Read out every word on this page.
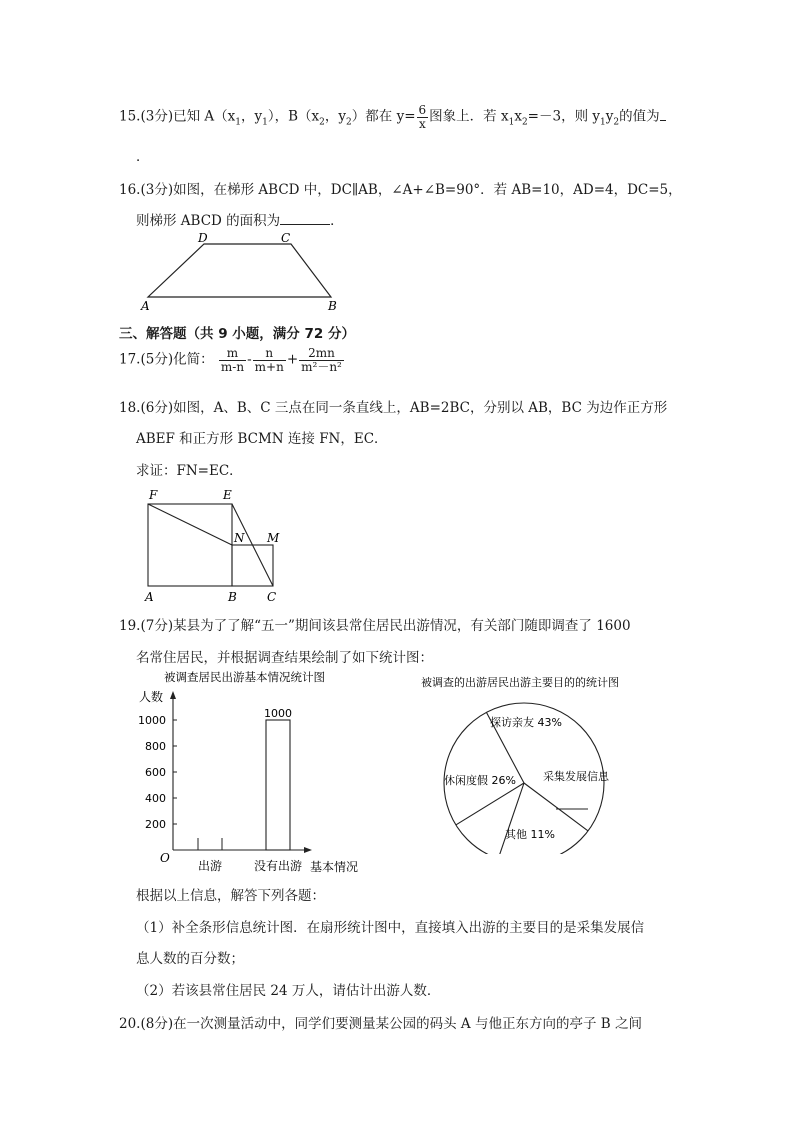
15.(3分)已知 $A(x_1$，$y_1$），$B(x_2$，$y_2$）都在 $y= \frac{6}{x}$ 图象上．若 $x_1x_2=-3$，则 $y_1y_2$的值为
．
16.(3分)如图，在梯形 ABCD 中，DC∥AB，∠A+∠B=90°．若 AB=10，AD=4，DC=5，
则梯形 ABCD 的面积为	．
D	C
A	B
三、解答题（共 9 小题，满分 72 分）
17.(5分)化简： $\frac{m}{m-n} - \frac{n}{m+n} + \frac{2mn}{\text{m²－n²}}$
18.(6分)如图，A、B、C 三点在同一条直线上，AB=2BC，分别以 AB，BC 为边作正方形
ABEF 和正方形 BCMN 连接 FN，EC．
求证：FN=EC．
F	E
N M
A	B	C
19.(7分)某县为了了解“五一”期间该县常住居民出游情况，有关部门随即调查了 1600
名常住居民，并根据调查结果绘制了如下统计图：
被调查居民出游基本情况统计图
人数
O
基本情况
200
400
600
800
1000
出游	没有出游
1000
被调查的出游居民出游主要目的的统计图
探访亲友 43%
采集发展信息
其他 11%
休闲度假 26%
根据以上信息，解答下列各题：
（1）补全条形信息统计图．在扇形统计图中，直接填入出游的主要目的是采集发展信
息人数的百分数；
（2）若该县常住居民 24 万人，请估计出游人数．
20.(8分)在一次测量活动中，同学们要测量某公园的码头 A 与他正东方向的亭子 B 之间
